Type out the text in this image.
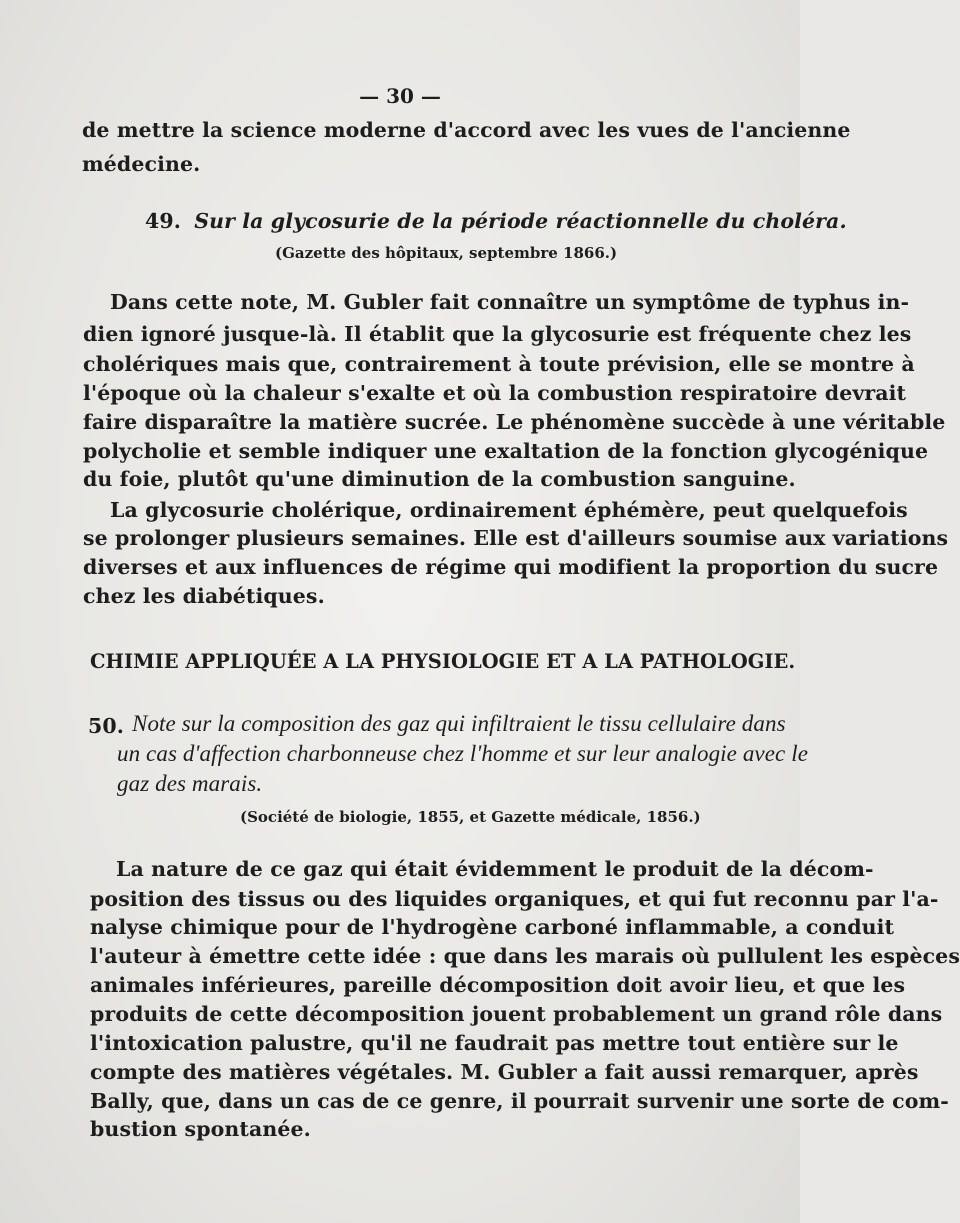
— 30 —
de mettre la science moderne d'accord avec les vues de l'ancienne
médecine.
49. Sur la glycosurie de la période réactionnelle du choléra.
(Gazette des hôpitaux, septembre 1866.)
Dans cette note, M. Gubler fait connaître un symptôme de typhus in-
dien ignoré jusque-là. Il établit que la glycosurie est fréquente chez les
cholériques mais que, contrairement à toute prévision, elle se montre à
l'époque où la chaleur s'exalte et où la combustion respiratoire devrait
faire disparaître la matière sucrée. Le phénomène succède à une véritable
polycholie et semble indiquer une exaltation de la fonction glycogénique
du foie, plutôt qu'une diminution de la combustion sanguine.
La glycosurie cholérique, ordinairement éphémère, peut quelquefois
se prolonger plusieurs semaines. Elle est d'ailleurs soumise aux variations
diverses et aux influences de régime qui modifient la proportion du sucre
chez les diabétiques.
CHIMIE APPLIQUÉE A LA PHYSIOLOGIE ET A LA PATHOLOGIE.
50. Note sur la composition des gaz qui infiltraient le tissu cellulaire dans
un cas d'affection charbonneuse chez l'homme et sur leur analogie avec le
gaz des marais.
(Société de biologie, 1855, et Gazette médicale, 1856.)
La nature de ce gaz qui était évidemment le produit de la décom-
position des tissus ou des liquides organiques, et qui fut reconnu par l'a-
nalyse chimique pour de l'hydrogène carboné inflammable, a conduit
l'auteur à émettre cette idée : que dans les marais où pullulent les espèces
animales inférieures, pareille décomposition doit avoir lieu, et que les
produits de cette décomposition jouent probablement un grand rôle dans
l'intoxication palustre, qu'il ne faudrait pas mettre tout entière sur le
compte des matières végétales. M. Gubler a fait aussi remarquer, après
Bally, que, dans un cas de ce genre, il pourrait survenir une sorte de com-
bustion spontanée.
